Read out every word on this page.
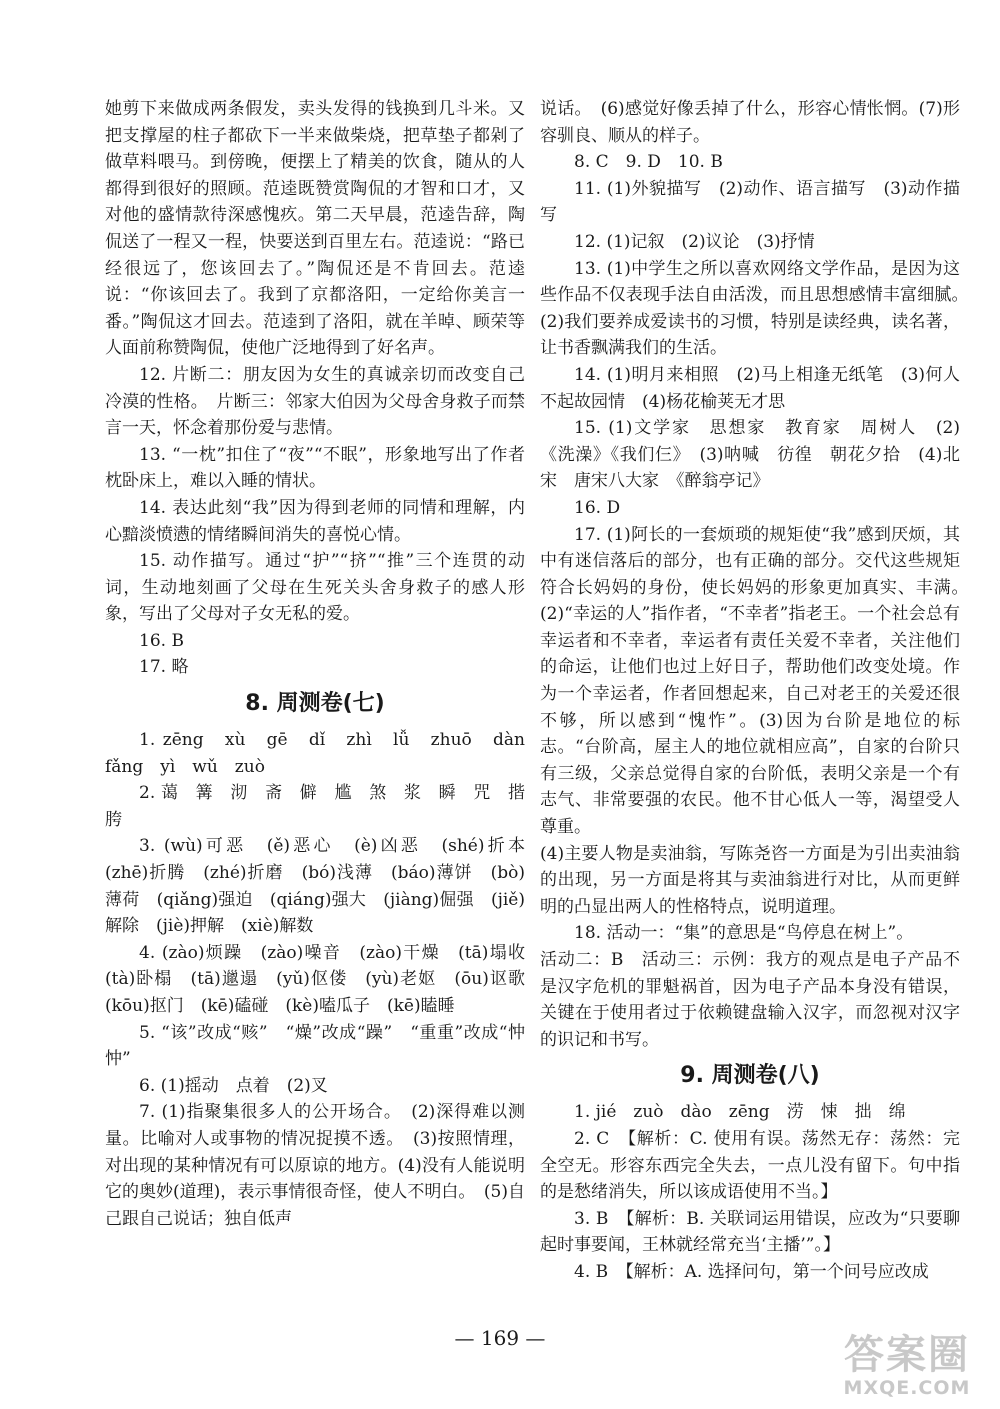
她剪下来做成两条假发，卖头发得的钱换到几斗米。又把支撑屋的柱子都砍下一半来做柴烧，把草垫子都剁了做草料喂马。到傍晚，便摆上了精美的饮食，随从的人都得到很好的照顾。范逵既赞赏陶侃的才智和口才，又对他的盛情款待深感愧疚。第二天早晨，范逵告辞，陶侃送了一程又一程，快要送到百里左右。范逵说：“路已经很远了，您该回去了。”陶侃还是不肯回去。范逵说：“你该回去了。我到了京都洛阳，一定给你美言一番。”陶侃这才回去。范逵到了洛阳，就在羊晫、顾荣等人面前称赞陶侃，使他广泛地得到了好名声。

12. 片断二：朋友因为女生的真诚亲切而改变自己冷漠的性格。　片断三：邻家大伯因为父母舍身救子而禁言一天，怀念着那份爱与悲情。

13. “一枕”扣住了“夜”“不眠”，形象地写出了作者枕卧床上，难以入睡的情状。

14. 表达此刻“我”因为得到老师的同情和理解，内心黯淡愤懑的情绪瞬间消失的喜悦心情。

15. 动作描写。通过“护”“挤”“推”三个连贯的动词，生动地刻画了父母在生死关头舍身救子的感人形象，写出了父母对子女无私的爱。

16. B

17. 略

8. 周测卷(七)

1. zēng　xù　gē　dǐ　zhì　lǚ　zhuō　dàn　fǎng　yì　wǔ　zuò

2. 蔼　篝　沏　斋　僻　尴　煞　浆　瞬　咒　揩　胯

3. (wù)可恶　(ě)恶心　(è)凶恶　(shé)折本　(zhē)折腾　(zhé)折磨　(bó)浅薄　(báo)薄饼　(bò)薄荷　(qiǎng)强迫　(qiáng)强大　(jiàng)倔强　(jiě)解除　(jiè)押解　(xiè)解数

4. (zào)烦躁　(zào)噪音　(zào)干燥　(tā)塌收　(tà)卧榻　(tā)邋遢　(yǔ)伛偻　(yù)老妪　(ōu)讴歌　(kōu)抠门　(kē)磕碰　(kè)嗑瓜子　(kē)瞌睡

5. “该”改成“赅”　“燥”改成“躁”　“重重”改成“忡忡”

6. (1)摇动　点着　(2)叉

7. (1)指聚集很多人的公开场合。　(2)深得难以测量。比喻对人或事物的情况捉摸不透。　(3)按照情理，对出现的某种情况有可以原谅的地方。(4)没有人能说明它的奥妙(道理)，表示事情很奇怪，使人不明白。　(5)自己跟自己说话；独自低声

说话。　(6)感觉好像丢掉了什么，形容心情怅惘。(7)形容驯良、顺从的样子。

8. C　9. D　10. B

11. (1)外貌描写　(2)动作、语言描写　(3)动作描写

12. (1)记叙　(2)议论　(3)抒情

13. (1)中学生之所以喜欢网络文学作品，是因为这些作品不仅表现手法自由活泼，而且思想感情丰富细腻。　(2)我们要养成爱读书的习惯，特别是读经典，读名著，让书香飘满我们的生活。

14. (1)明月来相照　(2)马上相逢无纸笔　(3)何人不起故园情　(4)杨花榆荚无才思

15. (1)文学家　思想家　教育家　周树人　(2)《洗澡》《我们仨》　(3)呐喊　彷徨　朝花夕拾　(4)北宋　唐宋八大家　《醉翁亭记》

16. D

17. (1)阿长的一套烦琐的规矩使“我”感到厌烦，其中有迷信落后的部分，也有正确的部分。交代这些规矩符合长妈妈的身份，使长妈妈的形象更加真实、丰满。　(2)“幸运的人”指作者，“不幸者”指老王。一个社会总有幸运者和不幸者，幸运者有责任关爱不幸者，关注他们的命运，让他们也过上好日子，帮助他们改变处境。作为一个幸运者，作者回想起来，自己对老王的关爱还很不够，所以感到“愧怍”。(3)因为台阶是地位的标志。“台阶高，屋主人的地位就相应高”，自家的台阶只有三级，父亲总觉得自家的台阶低，表明父亲是一个有志气、非常要强的农民。他不甘心低人一等，渴望受人尊重。

(4)主要人物是卖油翁，写陈尧咨一方面是为引出卖油翁的出现，另一方面是将其与卖油翁进行对比，从而更鲜明的凸显出两人的性格特点，说明道理。

18. 活动一：“集”的意思是“鸟停息在树上”。

活动二：B　活动三：示例：我方的观点是电子产品不是汉字危机的罪魁祸首，因为电子产品本身没有错误，关键在于使用者过于依赖键盘输入汉字，而忽视对汉字的识记和书写。

9. 周测卷(八)

1. jié　zuò　dào　zēng　涝　悚　拙　绵

2. C　【解析：C. 使用有误。荡然无存：荡然：完全空无。形容东西完全失去，一点儿没有留下。句中指的是愁绪消失，所以该成语使用不当。】

3. B　【解析：B. 关联词运用错误，应改为“只要聊起时事要闻，王林就经常充当‘主播’”。】

4. B　【解析：A. 选择问句，第一个问号应改成

— 169 —	答案圈
MXQE.COM
